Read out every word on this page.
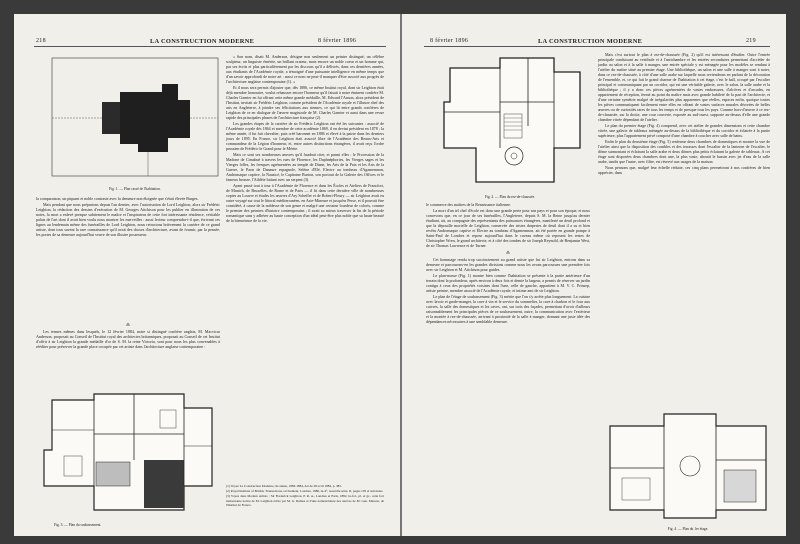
218	LA CONSTRUCTION MODERNE	8 février 1896
Fig. 1. — Plan cassé de l'habitation.

la comparaison, un piquant et noble contraste avec la demeure non éloignée que s'était élevée Burges.

Mais pendant que nous préparions depuis l'an dernier, avec l'autorisation de Lord Leighton, alors sir Frédéric Leighton, la rédaction des dessins d'exécution de M. Georges Aitchison pour les publier en illustration de ces notes, la mort a enlevé presque subitement le maître et l'inspirateur de cette fort intéressante résidence, véritable palais de l'art dont il avait bien voulu nous montrer les merveilles : aussi lecteur comprendra-t-il que, écrivant ces lignes au lendemain même des funérailles de Lord Leighton, nous retracions brièvement la carrière de ce grand artiste, dont tous savent la rare connaissance qu'il avait des choses d'architecture, avant de fournir, par la pensée, les portes de sa demeure aujourd'hui veuve de son illustre possesseur.

⁂

Les termes mêmes dans lesquels, le 12 février 1884, notre si distingué confrère anglais, M. Macvicar Anderson, proposait au Conseil de l'Institut royal des architectes britanniques, proposait au Conseil de cet Institut d'offrir à sir Leighton la grande médaille d'or de S. M. la reine Victoria, sont pour nous les plus convenables à rééditer pour préserver la grande place occupée par cet artiste dans l'architecture anglaise contemporaine :

Fig. 3. — Plan du soubassement.

« Son nom, disait M. Anderson, désigne non seulement un peintre distingué, un célèbre sculpteur, un linguiste émérite, un brillant orateur, mais encore un noble coeur et un homme qui, par ses écrits et plus particulièrement par les discours qu'il a délivrés, dans ces dernières années, aux étudiants de l'Académie royale, a témoigné d'une puissante intelligence en même temps que d'un savoir approfondi de notre art : aussi ce nom ne peut-il manquer d'être associé aux progrès de l'architecture anglaise contemporaine (1). »

Et il nous sera permis d'ajouter que, dès 1886, ce même Institut royal, dont sir Leighton était déjà membre honoraire, voulut rehausser encore l'honneur qu'il faisait à notre éminent confrère M. Charles Garnier en lui offrant cette même grande médaille, M. Edward l'Anson, alors président de l'Institut, invitait sir Frédéric Leighton, comme président de l'Académie royale et l'illustre chef des arts en Angleterre, à joindre ses félicitations aux siennes, ce qui lit entre grands confrères de Leighton de ce en dialogue de l'œuvre magistrale de M. Charles Garnier et aussi dans une revue rapide des principales phases de l'architecture française (2).

Les grandes étapes de la carrière de sir Frédéric Leighton ont été les suivantes : associé de l'Académie royale dès 1864 et membre de cette académie 1869, il en devint président en 1878 ; la même année, il fut fait chevalier, puis créé baronnet en 1886 et élevé à la pairie dans les derniers jours de 1895. En France, sir Leighton était associé libre de l'Académie des Beaux-Arts et commandeur de la Légion d'honneur, et, entre autres distinctions étrangères, il avait reçu l'ordre prussien de Frédéric le Grand pour le Mérite.

Mais ce sont ses nombreuses œuvres qu'il faudrait citer, et parmi elles : le Procession de la Madone de Cimabué à travers les rues de Florence, les Daphnéphories, les Vierges sages et les Vierges folles, les fresques agrémentées au temple de Diane, les Arts de la Paix et les Arts de la Guerre, le Paon de Danaure espagnole, Selène d'Elé, Electre au tombeau d'Agamemnon, Andromaque captive, la Nausicé, le Capitaine Burton, son portrait de la Galerie des Offices et le fameux bronze, l'Athlète luttant avec un serpent (3).

Ayant passé tout à tour à l'Académie de Florence et dans les Écoles et Ateliers de Francfort, de Munich, de Bruxelles, de Rome et de Paris — il fit dans cette dernière ville de nombreuses copies au Louvre et études les œuvres d'Ary Scheffer et de Robert-Fleury — sir Leighton avait eu outre voyagé sur tout le littoral méditerranéen, en Asie-Mineure et jusqu'en Perse, et il pouvait être considéré, à cause de la noblesse de son genre et malgré une certaine lourdeur de coloris, comme le premier des peintres d'histoire contemporains ; il avait su mieux traverser la fin de la période romantique sans y adhérer au haute conception d'un idéal peut-être plus noble que sa haute beauté de la bienséance de la vie.

(1) Voyez La Construction Moderne, 9e année, 1883-1884, Art de 28 avril 1884, p. 385.

(2) Royal Institute of British, Transactions, revivement, Londres, 1886, in-4°, nouvelle série, II, pages 105 et suivantes.

(3) Voyez dans Modern Artists : Sir Frederick Leighton, P. R. A., Londres et Paris, 1882, in-fol., pl. et gr., cette fort intéressante notice de M. Leighton écrite par M. G. Rumes et d'une nomenclature des œuvres de M. Gen. Masson, de l'Institut de France.

8 février 1896	LA CONSTRUCTION MODERNE	219
Fig. 2. — Plan du rez-de-chaussée.

le commerce des maîtres de la Renaissance italienne.

La mort d'un tel chef d'école est donc une grande perte pour son pays et pour son époque, et nous concevons que, en ce jour de ses funérailles, l'Angleterre, depuis S. M. la Reine jusqu'au dernier étudiant, ait, au compagnie des représentants des puissances étrangères, manifesté un deuil profond et que la dépouille mortelle de Leighton, conservée des tristes draperies de deuil dont il a su et bien revêtu Andromaque captive et Électre au tombeau d'Agamemnon, ait été portée en grande pompe à Saint-Paul de Londres et repose aujourd'hui dans le caveau même où reposent les restes de Christopher Wren, le grand architecte, et à côté des tombes de sir Joseph Reynold, de Benjamin West, de sir Thomas Lawrence et de Turner.

⁂

Cet hommage rendu trop succinctement au grand artiste que fut sir Leighton, entrons dans sa demeure et parcourons-en les grandes divisions comme nous les avons parcourues une première fois avec sir Leighton et M. Aitchison pour guides.

Le plan-masse (Fig. 1) montre bien comme l'habitation se présente à la partie antérieure d'un terrain dont la profondeur, après environ à deux fois et demie la largeur, a permis de réserver un jardin contigu à ceux des propriétés voisines dont l'une, celle de gauche, appartient à M. V. C. Prinsep, artiste peintre, membre associé de l'Académie royale, et intime ami de sir Leighton.

Le plan de l'étage de soubassement (Fig. 3) mérite que l'on s'y arrête plus longuement. La cuisine avec lavoir et garde-manger, la cave à vin et le service du sommelier, la cave à charbon et le four aux cuivres, la salle des domestiques et les caves, ont, sur trois des façades, permettant d'avoir d'ailleurs raisonnablement les principales pièces de ce soubassement, outre, la communication avec l'extérieur et la montée à rez-de-chaussée, arrivant à proximité de la salle à manger, donnant une juste idée des dépendances nécessaires à une semblable demeure.

Mais c'est surtout le plan à rez-de-chaussée (Fig. 2) qu'il est intéressant d'étudier. Outre l'entrée principale conduisant au vestibule et à l'antichambre et les entrées secondaires permettant d'accéder de jardin au salon et à la salle à manger, une entrée spéciale y est ménagée pour les modèles se rendant à l'atelier du maître situé au premier étage. Une bibliothèque, un salon et une salle à manger sont à noter, dans ce rez-de-chaussée, à côté d'une salle arabe sur laquelle nous reviendrons en parlant de la décoration de l'ensemble, et, ce qui fait le grand charme de l'habitation à cet étage, c'est le hall, occupé par l'escalier principal et communiquant par un corridor, qui est une véritable galerie, avec le salon, la salle arabe et la bibliothèque ; il y a donc ces pièces agrémentées de vastes embrasures, d'alcôves et d'arcades, en appartement de réception, fermé au point du maître mais avec grande habileté de la part de l'architecte, et d'une certaine symétrie malgré de irrégularités plus apparentes que réelles, espaces enfin, quoique toutes les pièces communiquent facilement entre elles en offrant de vastes surfaces murales décorées de belles œuvres ou de curiosités rares de tous les temps et de presque tous les pays. Comme hors-d'œuvre à ce rez-de-chaussée, sur la droite, une cour couverte, exposée au sud-ouest, supporte au-dessus d'elle une grande chambre vitrée dépendant de l'atelier.

Le plan du premier étage (Fig. 4) comprend, avec cet atelier de grandes dimensions et cette chambre vitrée, une galerie de tableaux ménagée au-dessus de la bibliothèque et du corridor et éclairée à la partie supérieure, plus l'appartement privé composé d'une chambre à coucher avec salle de bains.

Enfin le plan du deuxième étage (Fig. 5) renferme deux chambres de domestiques et montre la vue de l'atelier ainsi que la disposition des combles et des terrasses dont l'escalier de la lanterne de l'escalier, le dôme surmontant et éclairant la salle arabe et deux dômes plus petits éclairant la galerie de tableaux. A cet étage sont disposées deux chambres dont une, la plus vaste, aboutit le bassin avec jet d'eau de la salle arabe, tandis que l'autre, avec filtre, est réservé aux usages de la maison.

Nous pensons que, malgré leur échelle réduite, ces cinq plans permettront à nos confrères de bien apprécier, dans

Fig. 4. — Plan du 1er étage.
